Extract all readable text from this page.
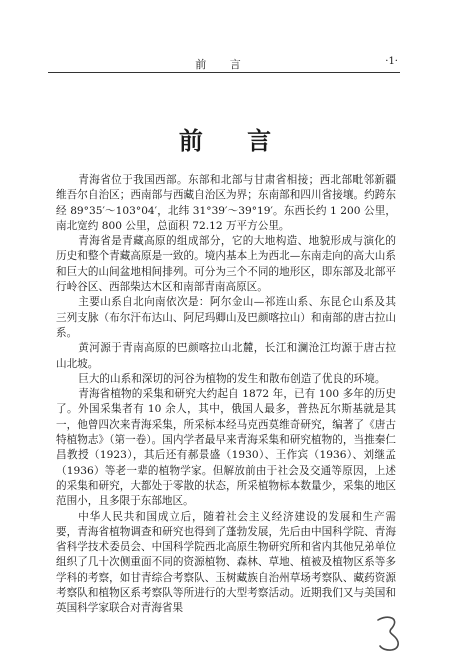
前 言	·1·
前 言

青海省位于我国西部。东部和北部与甘肃省相接；西北部毗邻新疆维吾尔自治区；西南部与西藏自治区为界；东南部和四川省接壤。约跨东经 89°35′～103°04′，北纬 31°39′～39°19′。东西长约 1 200 公里，南北宽约 800 公里，总面积 72.12 万平方公里。

青海省是青藏高原的组成部分，它的大地构造、地貌形成与演化的历史和整个青藏高原是一致的。境内基本上为西北—东南走向的高大山系和巨大的山间盆地相间排列。可分为三个不同的地形区，即东部及北部平行岭谷区、西部柴达木区和南部青南高原区。

主要山系自北向南依次是：阿尔金山—祁连山系、东昆仑山系及其三列支脉（布尔汗布达山、阿尼玛卿山及巴颜喀拉山）和南部的唐古拉山系。

黄河源于青南高原的巴颜喀拉山北麓，长江和澜沧江均源于唐古拉山北坡。

巨大的山系和深切的河谷为植物的发生和散布创造了优良的环境。

青海省植物的采集和研究大约起自 1872 年，已有 100 多年的历史了。外国采集者有 10 余人，其中，俄国人最多，普热瓦尔斯基就是其一，他曾四次来青海采集，所采标本经马克西莫维奇研究，编著了《唐古特植物志》（第一卷）。国内学者最早来青海采集和研究植物的，当推秦仁昌教授（1923），其后还有郝景盛（1930）、王作宾（1936）、刘继孟（1936）等老一辈的植物学家。但解放前由于社会及交通等原因，上述的采集和研究，大都处于零散的状态，所采植物标本数量少，采集的地区范围小，且多限于东部地区。

中华人民共和国成立后，随着社会主义经济建设的发展和生产需要，青海省植物调查和研究也得到了蓬勃发展，先后由中国科学院、青海省科学技术委员会、中国科学院西北高原生物研究所和省内其他兄弟单位组织了几十次侧重面不同的资源植物、森林、草地、植被及植物区系等多学科的考察，如甘青综合考察队、玉树藏族自治州草场考察队、藏药资源考察队和植物区系考察队等所进行的大型考察活动。近期我们又与美国和英国科学家联合对青海省果
